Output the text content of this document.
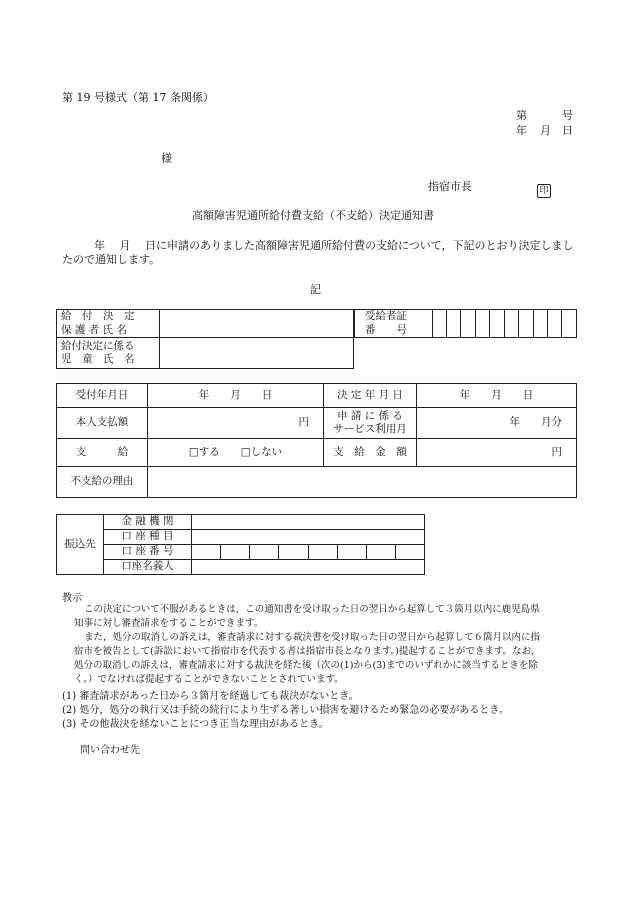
第 19 号様式（第 17 条関係）
第	号
年 月 日
様
指宿市長	印
高額障害児通所給付費支給（不支給）決定通知書
年　 月　 日に申請のありました高額障害児通所給付費の支給について，下記のとおり決定しまし
たので通知します。
記
給　付　決　定
保 護 者 氏 名	

給付決定に係る
児　童　氏　名	

受給者証
番　　号

受付年月日	年　　月　　日	決 定 年 月 日	年　　月　　日
本人支払額	円	申 請 に 係 る
サービス利用月	年　　月分
支　　　給	□する　　□しない	支　給　金　額	円
不支給の理由			
振込先	金 融 機 関								
	口 座 種 目								
	口 座 番 号								
	口座名義人								
教示
この決定について不服があるときは，この通知書を受け取った日の翌日から起算して３箇月以内に鹿児島県
知事に対し審査請求をすることができます。
また，処分の取消しの訴えは，審査請求に対する裁決書を受け取った日の翌日から起算して６箇月以内に指
宿市を被告として(訴訟において指宿市を代表する者は指宿市長となります。)提起することができます。なお，
処分の取消しの訴えは，審査請求に対する裁決を経た後（次の(1)から(3)までのいずれかに該当するときを除
く。）でなければ提起することができないこととされています。
(1) 審査請求があった日から３箇月を経過しても裁決がないとき。
(2) 処分，処分の執行又は手続の続行により生ずる著しい損害を避けるため緊急の必要があるとき。
(3) その他裁決を経ないことにつき正当な理由があるとき。
問い合わせ先
